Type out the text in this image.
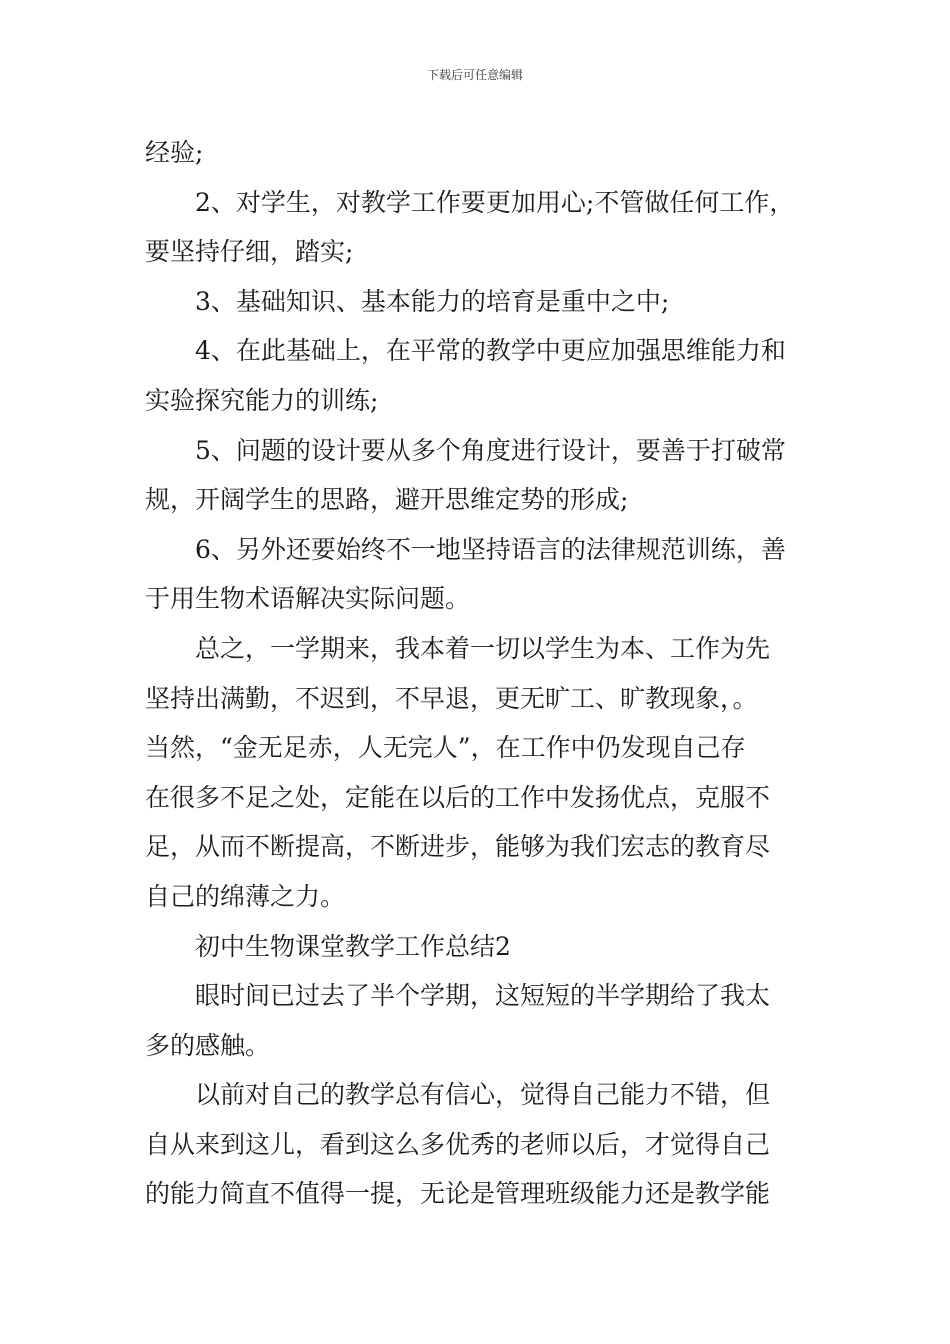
下载后可任意编辑
经验;
2、对学生，对教学工作要更加用心;不管做任何工作，
要坚持仔细，踏实;
3、基础知识、基本能力的培育是重中之中;
4、在此基础上，在平常的教学中更应加强思维能力和
实验探究能力的训练;
5、问题的设计要从多个角度进行设计，要善于打破常
规，开阔学生的思路，避开思维定势的形成;
6、另外还要始终不一地坚持语言的法律规范训练，善
于用生物术语解决实际问题。
总之，一学期来，我本着一切以学生为本、工作为先
坚持出满勤，不迟到，不早退，更无旷工、旷教现象，。
当然，“金无足赤，人无完人”，在工作中仍发现自己存
在很多不足之处，定能在以后的工作中发扬优点，克服不
足，从而不断提高，不断进步，能够为我们宏志的教育尽
自己的绵薄之力。
初中生物课堂教学工作总结2
眼时间已过去了半个学期，这短短的半学期给了我太
多的感触。
以前对自己的教学总有信心，觉得自己能力不错，但
自从来到这儿，看到这么多优秀的老师以后，才觉得自己
的能力简直不值得一提，无论是管理班级能力还是教学能
